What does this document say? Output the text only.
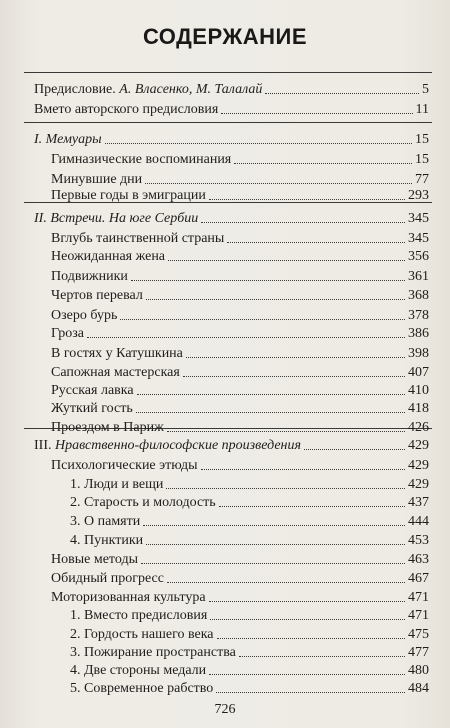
СОДЕРЖАНИЕ
Предисловие. А. Власенко, М. Талалай	5
Вмето авторского предисловия	11
I. Мемуары	15
Гимназические воспоминания	15
Минувшие дни	77
Первые годы в эмиграции	293
II. Встречи. На юге Сербии	345
Вглубь таинственной страны	345
Неожиданная жена	356
Подвижники	361
Чертов перевал	368
Озеро бурь	378
Гроза	386
В гостях у Катушкина	398
Сапожная мастерская	407
Русская лавка	410
Жуткий гость	418
Проездом в Париж	426
III. Нравственно-философские произведения	429
Психологические этюды	429
1. Люди и вещи	429
2. Старость и молодость	437
3. О памяти	444
4. Пунктики	453
Новые методы	463
Обидный прогресс	467
Моторизованная культура	471
1. Вместо предисловия	471
2. Гордость нашего века	475
3. Пожирание пространства	477
4. Две стороны медали	480
5. Современное рабство	484
726
